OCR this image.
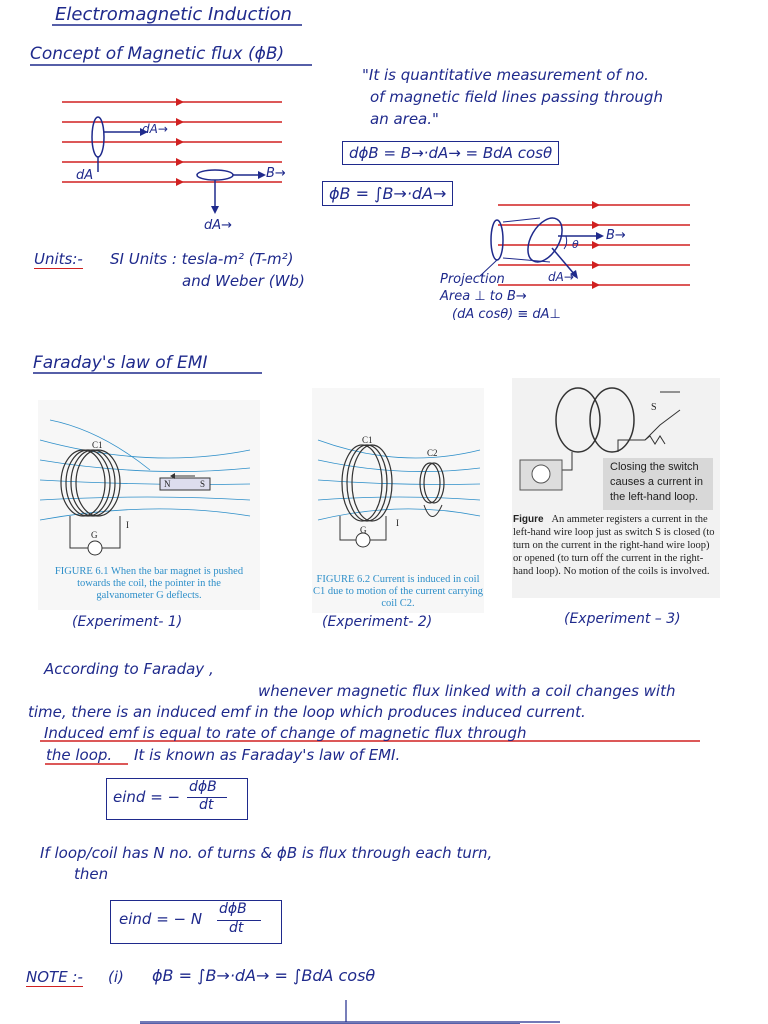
Electromagnetic Induction
Concept of Magnetic flux (ϕB)
"It is quantitative measurement of no.
of magnetic field lines passing through
an area."
dA→
dA	B→
dA→
dϕB = B→·dA→ = BdA cosθ
ϕB = ∫B→·dA→
Units:- SI Units : tesla-m² (T-m²)
and Weber (Wb)
B→
θ
dA→
Projection
Area ⊥ to B→
(dA cosθ) ≡ dA⊥
Faraday's law of EMI
C1
N	S
I
G
FIGURE 6.1 When the bar magnet is pushed towards the coil, the pointer in the galvanometer G deflects.
(Experiment- 1)
C1
C2
I
G
FIGURE 6.2 Current is induced in coil C1 due to motion of the current carrying coil C2.
(Experiment- 2)
S
Closing the switch causes a current in the left-hand loop.
Figure An ammeter registers a current in the left-hand wire loop just as switch S is closed (to turn on the current in the right-hand wire loop) or opened (to turn off the current in the right-hand loop). No motion of the coils is involved.
(Experiment – 3)
According to Faraday ,
whenever magnetic flux linked with a coil changes with
time, there is an induced emf in the loop which produces induced current.
Induced emf is equal to rate of change of magnetic flux through
the loop. It is known as Faraday's law of EMI.
eind = −
dϕB
dt
If loop/coil has N no. of turns & ϕB is flux through each turn,
then
eind = − N
dϕB
dt
NOTE :- (i) ϕB = ∫B→·dA→ = ∫BdA cosθ
